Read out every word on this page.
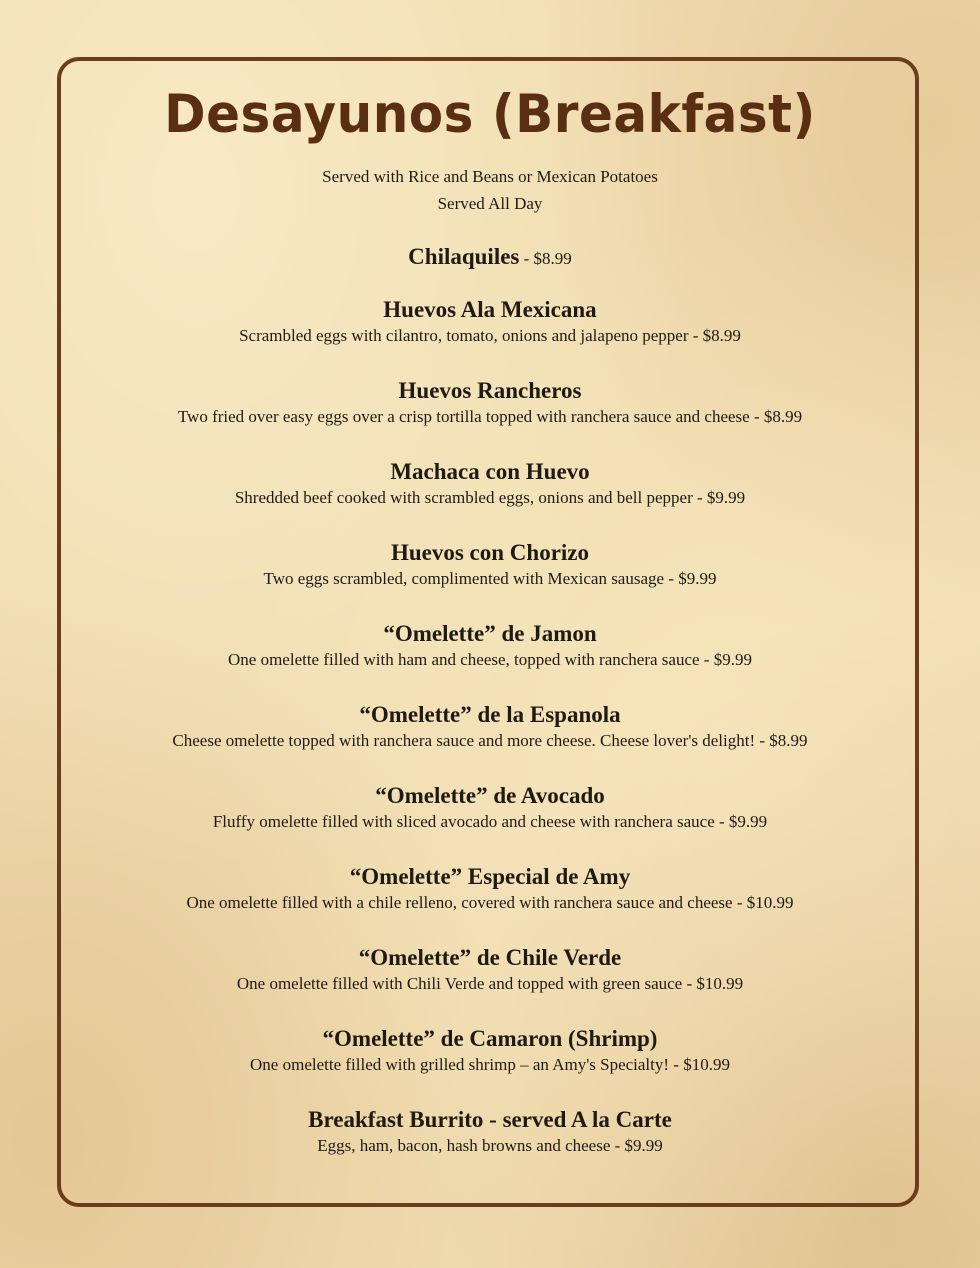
Desayunos (Breakfast)
Served with Rice and Beans or Mexican Potatoes
Served All Day
Chilaquiles - $8.99
Huevos Ala Mexicana
Scrambled eggs with cilantro, tomato, onions and jalapeno pepper - $8.99
Huevos Rancheros
Two fried over easy eggs over a crisp tortilla topped with ranchera sauce and cheese - $8.99
Machaca con Huevo
Shredded beef cooked with scrambled eggs, onions and bell pepper - $9.99
Huevos con Chorizo
Two eggs scrambled, complimented with Mexican sausage - $9.99
“Omelette” de Jamon
One omelette filled with ham and cheese, topped with ranchera sauce - $9.99
“Omelette” de la Espanola
Cheese omelette topped with ranchera sauce and more cheese. Cheese lover's delight! - $8.99
“Omelette” de Avocado
Fluffy omelette filled with sliced avocado and cheese with ranchera sauce - $9.99
“Omelette” Especial de Amy
One omelette filled with a chile relleno, covered with ranchera sauce and cheese - $10.99
“Omelette” de Chile Verde
One omelette filled with Chili Verde and topped with green sauce - $10.99
“Omelette” de Camaron (Shrimp)
One omelette filled with grilled shrimp – an Amy's Specialty! - $10.99
Breakfast Burrito - served A la Carte
Eggs, ham, bacon, hash browns and cheese - $9.99
